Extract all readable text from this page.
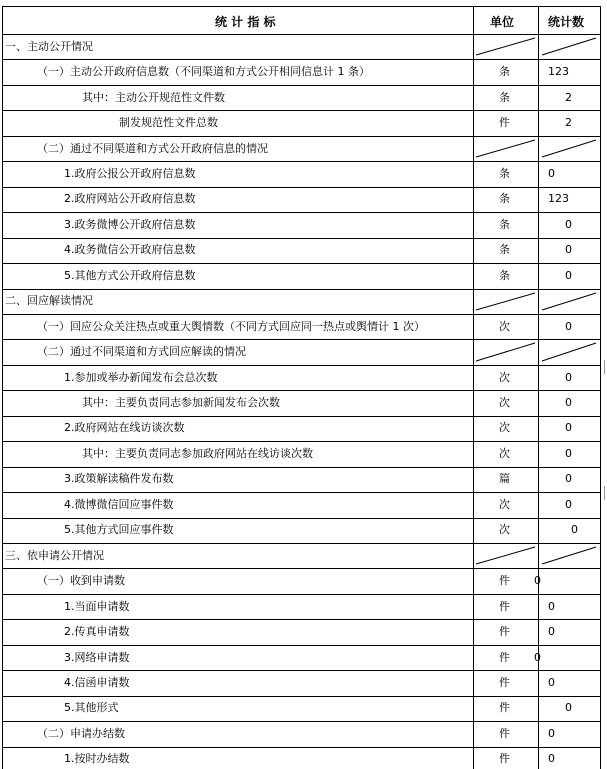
统 计 指 标	单位	统计数
一、主动公开情况
（一）主动公开政府信息数（不同渠道和方式公开相同信息计 1 条）	条	123
其中：主动公开规范性文件数	条	2
制发规范性文件总数	件	2
（二）通过不同渠道和方式公开政府信息的情况
1.政府公报公开政府信息数	条	0
2.政府网站公开政府信息数	条	123
3.政务微博公开政府信息数	条	0
4.政务微信公开政府信息数	条	0
5.其他方式公开政府信息数	条	0
二、回应解读情况
（一）回应公众关注热点或重大舆情数（不同方式回应同一热点或舆情计 1 次）	次	0
（二）通过不同渠道和方式回应解读的情况
1.参加或举办新闻发布会总次数	次	0
其中：主要负责同志参加新闻发布会次数	次	0
2.政府网站在线访谈次数	次	0
其中：主要负责同志参加政府网站在线访谈次数	次	0
3.政策解读稿件发布数	篇	0
4.微博微信回应事件数	次	0
5.其他方式回应事件数	次	0
三、依申请公开情况
（一）收到申请数	件 0
1.当面申请数	件	0
2.传真申请数	件	0
3.网络申请数	件 0
4.信函申请数	件	0
5.其他形式	件	0
（二）申请办结数	件	0
1.按时办结数	件	0
